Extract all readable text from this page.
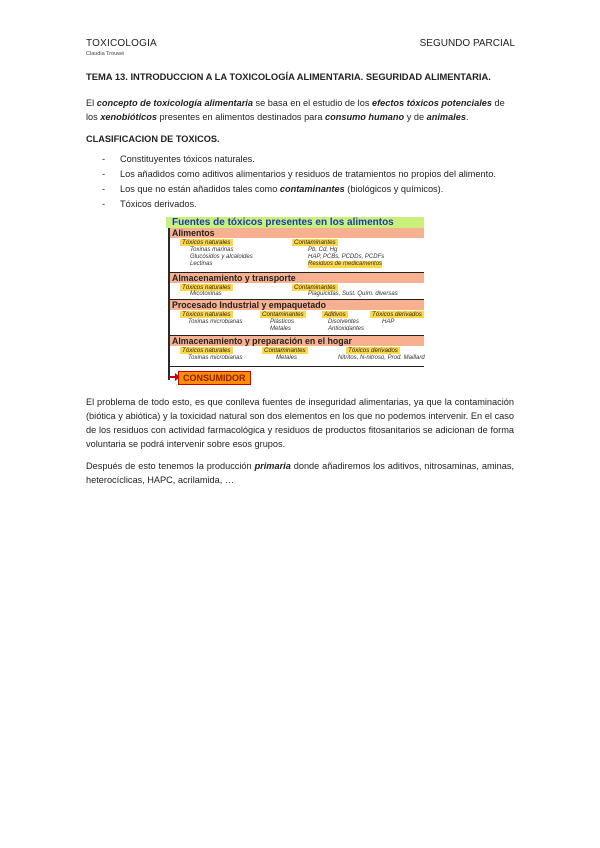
TOXICOLOGIA
Claudia Trouwé
SEGUNDO PARCIAL
TEMA 13. INTRODUCCION A LA TOXICOLOGÍA ALIMENTARIA. SEGURIDAD ALIMENTARIA.

El concepto de toxicología alimentaria se basa en el estudio de los efectos tóxicos potenciales de los xenobióticos presentes en alimentos destinados para consumo humano y de animales.

CLASIFICACION DE TOXICOS.
- Constituyentes tóxicos naturales.
- Los añadidos como aditivos alimentarios y residuos de tratamientos no propios del alimento.
- Los que no están añadidos tales como contaminantes (biológicos y químicos).
- Tóxicos derivados.
Fuentes de tóxicos presentes en los alimentos
Alimentos
Tóxicos naturales
Toxinas marinas
Glucósidos y alcaloides
Lectinas
Contaminantes
Pb, Cd, Hg
HAP, PCBs, PCDDs, PCDFs
Residuos de medicamentos
Almacenamiento y transporte
Tóxicos naturales
Micotoxinas
Contaminantes
Plaguicidas, Sust. Quím. diversas
Procesado Industrial y empaquetado
Tóxicos naturales
Toxinas microbianas
Contaminantes
Plásticos
Metales
Aditivos
Disolventes
Antioxidantes
Tóxicos derivados
HAP
Almacenamiento y preparación en el hogar
Tóxicos naturales
Toxinas microbianas
Contaminantes
Metales
Tóxicos derivados
Nitritos, N-nitroso, Prod. Maillard
CONSUMIDOR

El problema de todo esto, es que conlleva fuentes de inseguridad alimentarias, ya que la contaminación (biótica y abiótica) y la toxicidad natural son dos elementos en los que no podemos intervenir. En el caso de los residuos con actividad farmacológica y residuos de productos fitosanitarios se adicionan de forma voluntaria se podrá intervenir sobre esos grupos.

Después de esto tenemos la producción primaria donde añadiremos los aditivos, nitrosaminas, aminas, heterocíclicas, HAPC, acrilamida, …
